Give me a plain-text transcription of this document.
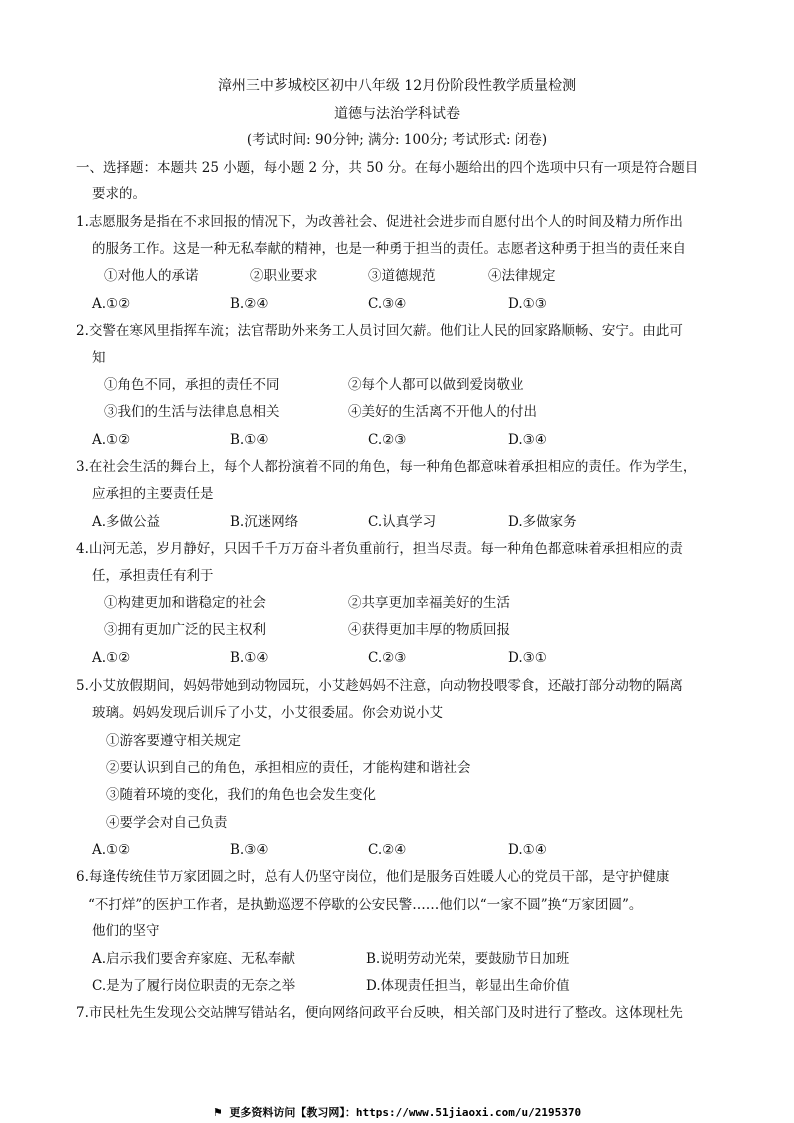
漳州三中芗城校区初中八年级 12月份阶段性教学质量检测
道德与法治学科试卷
(考试时间: 90分钟; 满分: 100分; 考试形式: 闭卷)
一、选择题：本题共 25 小题，每小题 2 分，共 50 分。在每小题给出的四个选项中只有一项是符合题目
要求的。
1.志愿服务是指在不求回报的情况下，为改善社会、促进社会进步而自愿付出个人的时间及精力所作出
的服务工作。这是一种无私奉献的精神，也是一种勇于担当的责任。志愿者这种勇于担当的责任来自
①对他人的承诺	②职业要求	③道德规范	④法律规定
A.①②	B.②④	C.③④	D.①③
2.交警在寒风里指挥车流；法官帮助外来务工人员讨回欠薪。他们让人民的回家路顺畅、安宁。由此可
知
①角色不同，承担的责任不同	②每个人都可以做到爱岗敬业
③我们的生活与法律息息相关	④美好的生活离不开他人的付出
A.①②	B.①④	C.②③	D.③④
3.在社会生活的舞台上，每个人都扮演着不同的角色，每一种角色都意味着承担相应的责任。作为学生，
应承担的主要责任是
A.多做公益	B.沉迷网络	C.认真学习	D.多做家务
4.山河无恙，岁月静好，只因千千万万奋斗者负重前行，担当尽责。每一种角色都意味着承担相应的责
任，承担责任有利于
①构建更加和谐稳定的社会	②共享更加幸福美好的生活
③拥有更加广泛的民主权利	④获得更加丰厚的物质回报
A.①②	B.①④	C.②③	D.③①
5.小艾放假期间，妈妈带她到动物园玩，小艾趁妈妈不注意，向动物投喂零食，还敲打部分动物的隔离
玻璃。妈妈发现后训斥了小艾，小艾很委屈。你会劝说小艾
①游客要遵守相关规定
②要认识到自己的角色，承担相应的责任，才能构建和谐社会
③随着环境的变化，我们的角色也会发生变化
④要学会对自己负责
A.①②	B.③④	C.②④	D.①④
6.每逢传统佳节万家团圆之时，总有人仍坚守岗位，他们是服务百姓暖人心的党员干部，是守护健康
“不打烊”的医护工作者，是执勤巡逻不停歇的公安民警……他们以“一家不圆”换“万家团圆”。
他们的坚守
A.启示我们要舍弃家庭、无私奉献	B.说明劳动光荣，要鼓励节日加班
C.是为了履行岗位职责的无奈之举	D.体现责任担当，彰显出生命价值
7.市民杜先生发现公交站牌写错站名，便向网络问政平台反映，相关部门及时进行了整改。这体现杜先
⚑ 更多资料访问【教习网】：https://www.51jiaoxi.com/u/2195370
